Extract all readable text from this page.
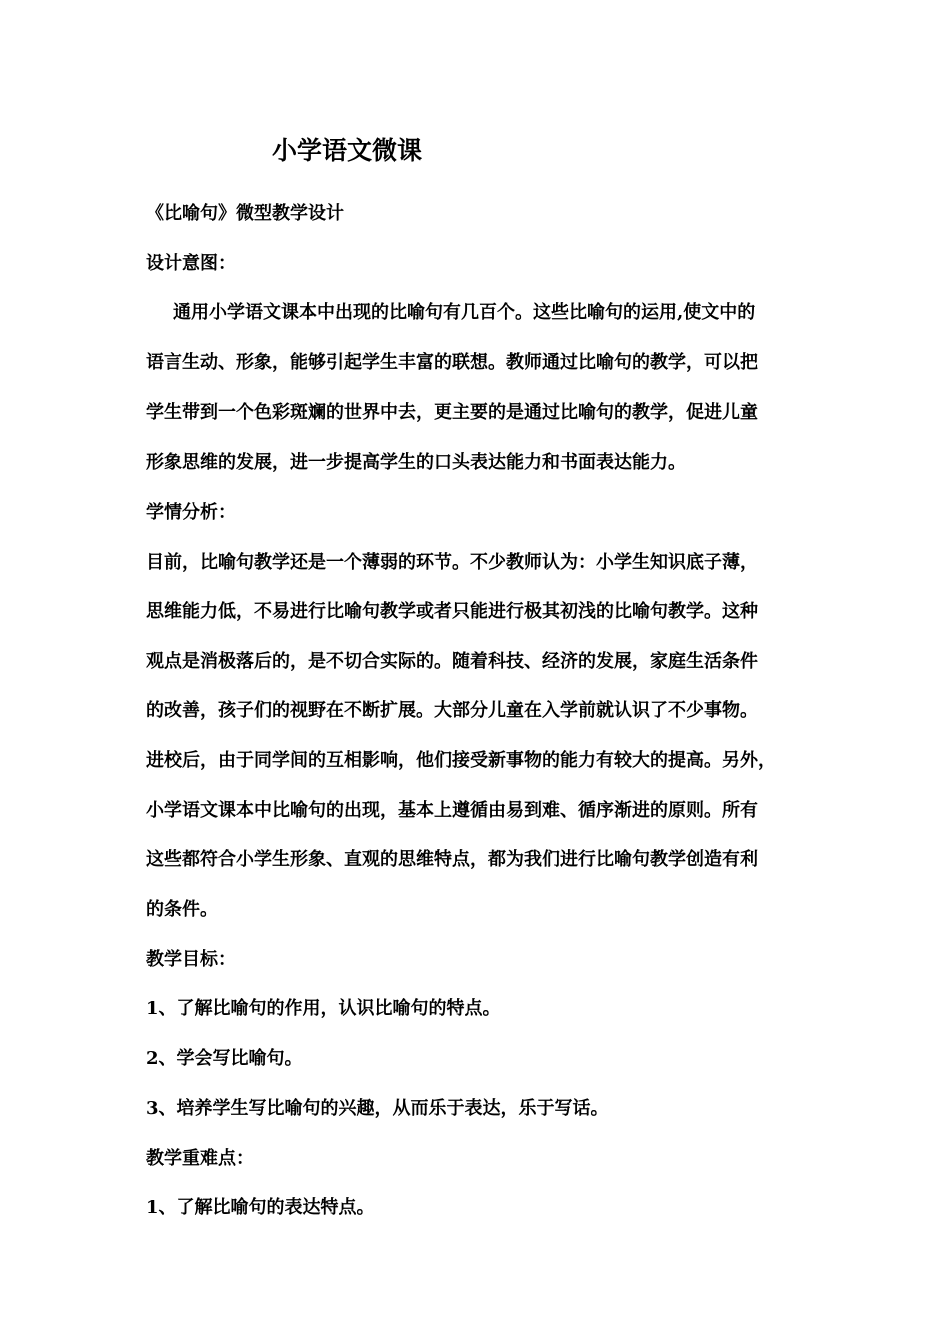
小学语文微课
《比喻句》微型教学设计
设计意图：
通用小学语文课本中出现的比喻句有几百个。这些比喻句的运用,使文中的
语言生动、形象，能够引起学生丰富的联想。教师通过比喻句的教学，可以把
学生带到一个色彩斑斓的世界中去，更主要的是通过比喻句的教学，促进儿童
形象思维的发展，进一步提高学生的口头表达能力和书面表达能力。
学情分析：
目前，比喻句教学还是一个薄弱的环节。不少教师认为：小学生知识底子薄，
思维能力低，不易进行比喻句教学或者只能进行极其初浅的比喻句教学。这种
观点是消极落后的，是不切合实际的。随着科技、经济的发展，家庭生活条件
的改善，孩子们的视野在不断扩展。大部分儿童在入学前就认识了不少事物。
进校后，由于同学间的互相影响，他们接受新事物的能力有较大的提高。另外，
小学语文课本中比喻句的出现，基本上遵循由易到难、循序渐进的原则。所有
这些都符合小学生形象、直观的思维特点，都为我们进行比喻句教学创造有利
的条件。
教学目标：
1、了解比喻句的作用，认识比喻句的特点。
2、学会写比喻句。
3、培养学生写比喻句的兴趣，从而乐于表达，乐于写话。
教学重难点：
1、了解比喻句的表达特点。
